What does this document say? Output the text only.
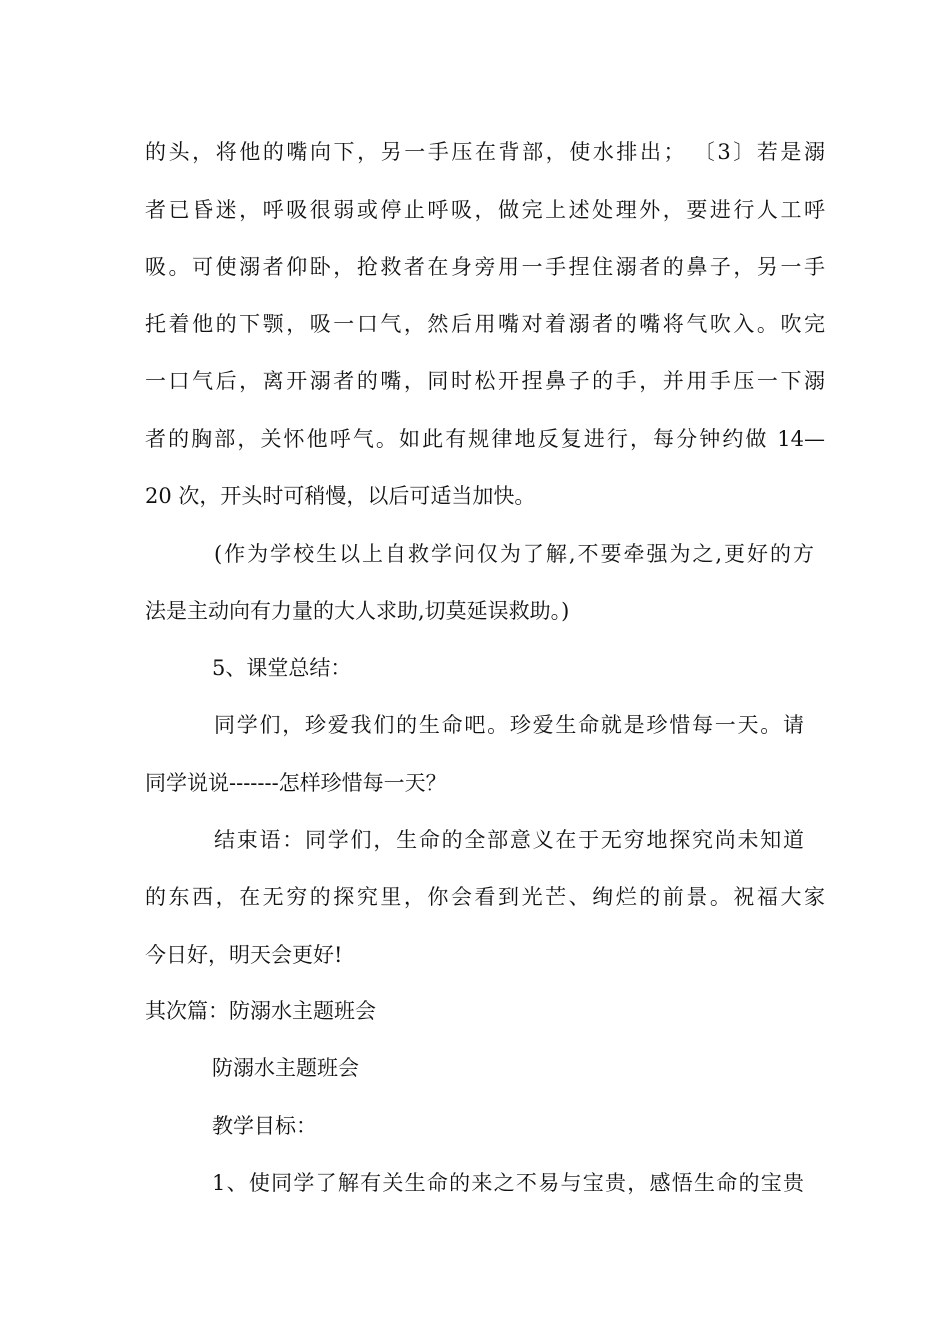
的头，将他的嘴向下，另一手压在背部，使水排出； 〔3〕若是溺
者已昏迷，呼吸很弱或停止呼吸，做完上述处理外，要进行人工呼
吸。可使溺者仰卧，抢救者在身旁用一手捏住溺者的鼻子，另一手
托着他的下颚，吸一口气，然后用嘴对着溺者的嘴将气吹入。吹完
一口气后，离开溺者的嘴，同时松开捏鼻子的手，并用手压一下溺
者的胸部，关怀他呼气。如此有规律地反复进行，每分钟约做 14—
20 次，开头时可稍慢，以后可适当加快。
(作为学校生以上自救学问仅为了解,不要牵强为之,更好的方
法是主动向有力量的大人求助,切莫延误救助。)
5、课堂总结：
同学们，珍爱我们的生命吧。珍爱生命就是珍惜每一天。请
同学说说-------怎样珍惜每一天？
结束语：同学们，生命的全部意义在于无穷地探究尚未知道
的东西，在无穷的探究里，你会看到光芒、绚烂的前景。祝福大家
今日好，明天会更好!
其次篇：防溺水主题班会
防溺水主题班会
教学目标：
1、使同学了解有关生命的来之不易与宝贵，感悟生命的宝贵
